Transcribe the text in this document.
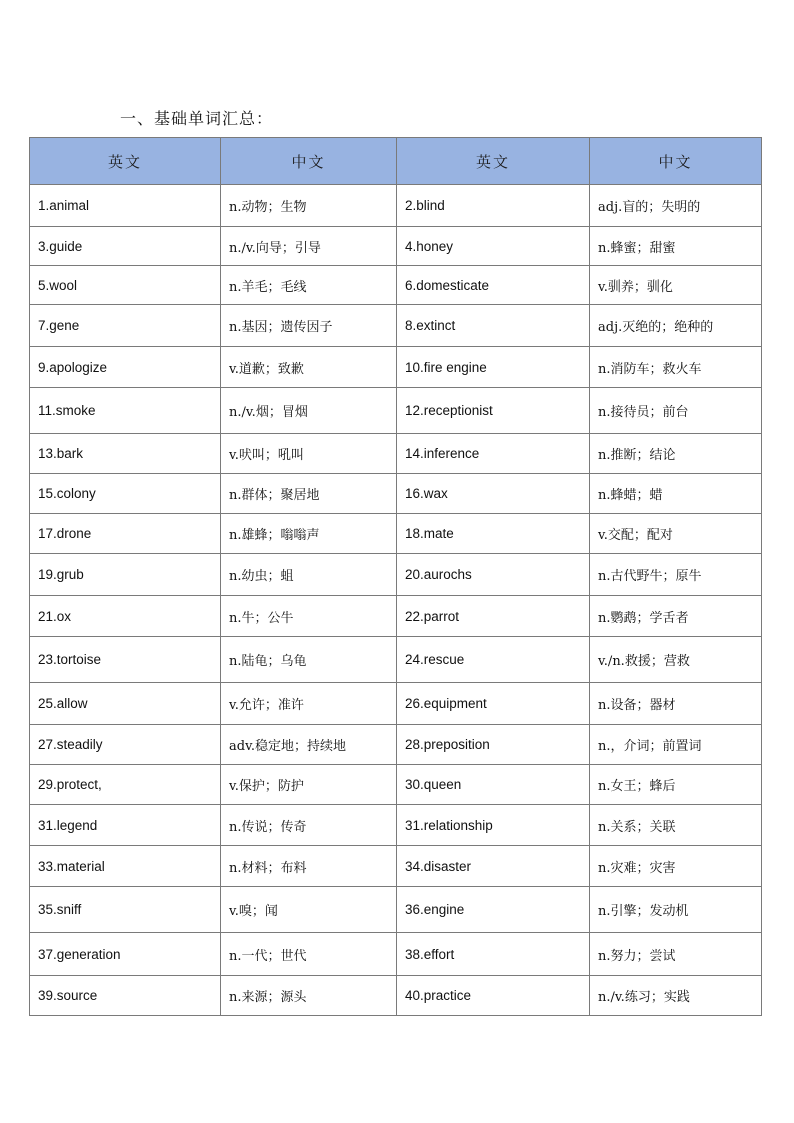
一、基础单词汇总：
英文	中文	英文	中文
1.animal	n.动物；生物	2.blind	adj.盲的；失明的
3.guide	n./v.向导；引导	4.honey	n.蜂蜜；甜蜜
5.wool	n.羊毛；毛线	6.domesticate	v.驯养；驯化
7.gene	n.基因；遗传因子	8.extinct	adj.灭绝的；绝种的
9.apologize	v.道歉；致歉	10.fire engine	n.消防车；救火车
11.smoke	n./v.烟；冒烟	12.receptionist	n.接待员；前台
13.bark	v.吠叫；吼叫	14.inference	n.推断；结论
15.colony	n.群体；聚居地	16.wax	n.蜂蜡；蜡
17.drone	n.雄蜂；嗡嗡声	18.mate	v.交配；配对
19.grub	n.幼虫；蛆	20.aurochs	n.古代野牛；原牛
21.ox	n.牛；公牛	22.parrot	n.鹦鹉；学舌者
23.tortoise	n.陆龟；乌龟	24.rescue	v./n.救援；营救
25.allow	v.允许；准许	26.equipment	n.设备；器材
27.steadily	adv.稳定地；持续地	28.preposition	n.，介词；前置词
29.protect,	v.保护；防护	30.queen	n.女王；蜂后
31.legend	n.传说；传奇	31.relationship	n.关系；关联
33.material	n.材料；布料	34.disaster	n.灾难；灾害
35.sniff	v.嗅；闻	36.engine	n.引擎；发动机
37.generation	n.一代；世代	38.effort	n.努力；尝试
39.source	n.来源；源头	40.practice	n./v.练习；实践
